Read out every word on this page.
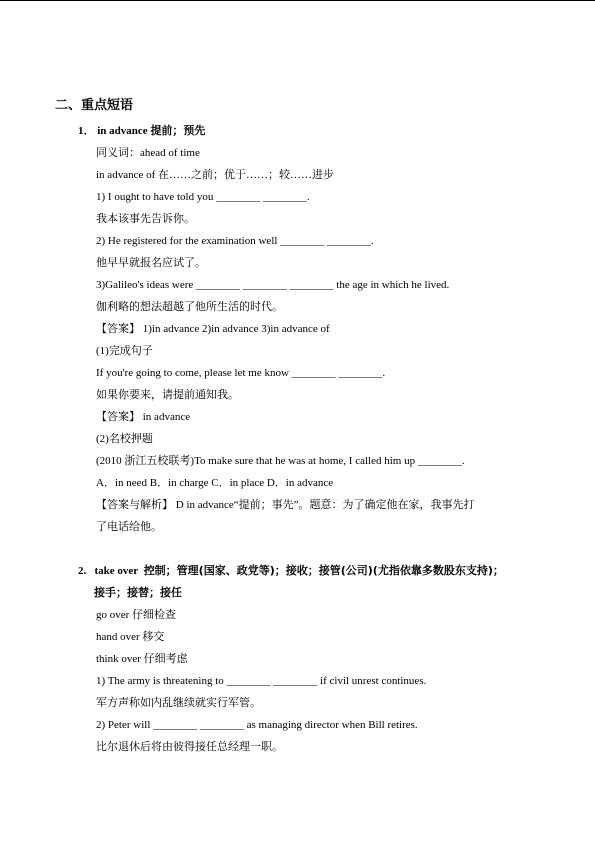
二、重点短语
1． in advance 提前；预先
同义词：ahead of time
in advance of 在……之前；优于……；较……进步
1) I ought to have told you ________ ________.
我本该事先告诉你。
2) He registered for the examination well ________ ________.
他早早就报名应试了。
3)Galileo's ideas were ________ ________ ________ the age in which he lived.
伽利略的想法超越了他所生活的时代。
【答案】 1)in advance 2)in advance 3)in advance of
(1)完成句子
If you're going to come, please let me know ________ ________.
如果你要来，请提前通知我。
【答案】 in advance
(2)名校押题
(2010 浙江五校联考)To make sure that he was at home, I called him up ________.
A．in need B．in charge C．in place D．in advance
【答案与解析】 D in advance“提前；事先”。题意：为了确定他在家，我事先打
了电话给他。
2. take over 控制；管理(国家、政党等)；接收；接管(公司)(尤指依靠多数股东支持)；
接手；接替；接任
go over 仔细检查
hand over 移交
think over 仔细考虑
1) The army is threatening to ________ ________ if civil unrest continues.
军方声称如内乱继续就实行军管。
2) Peter will ________ ________ as managing director when Bill retires.
比尔退休后将由彼得接任总经理一职。
